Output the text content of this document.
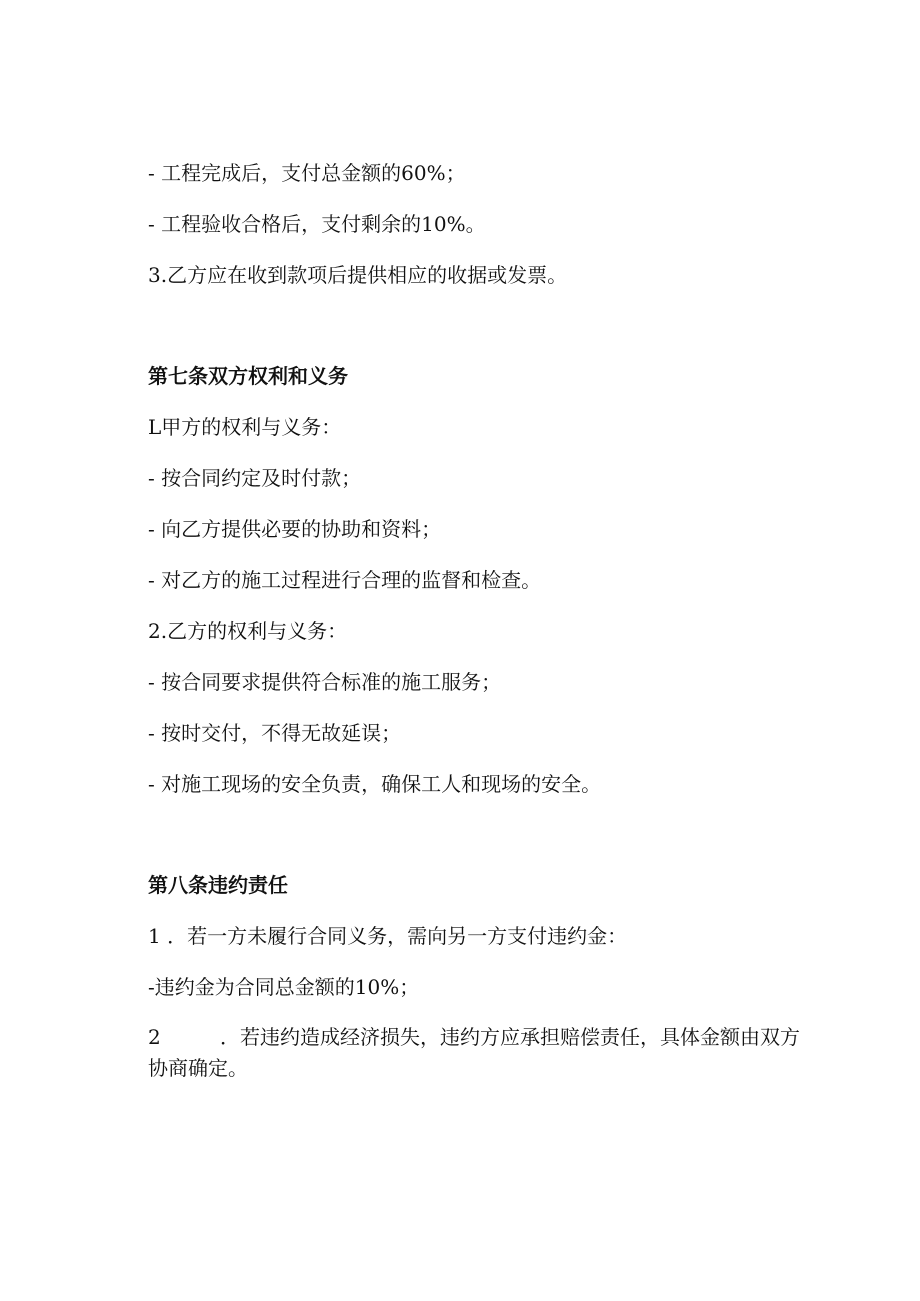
- 工程完成后，支付总金额的60%；

- 工程验收合格后，支付剩余的10%。

3.乙方应在收到款项后提供相应的收据或发票。

第七条双方权利和义务

L甲方的权利与义务：

- 按合同约定及时付款；

- 向乙方提供必要的协助和资料；

- 对乙方的施工过程进行合理的监督和检查。

2.乙方的权利与义务：

- 按合同要求提供符合标准的施工服务；

- 按时交付，不得无故延误；

- 对施工现场的安全负责，确保工人和现场的安全。

第八条违约责任

1 ．若一方未履行合同义务，需向另一方支付违约金：

-违约金为合同总金额的10%；

2	．若违约造成经济损失，违约方应承担赔偿责任，具体金额由双方协商确定。
